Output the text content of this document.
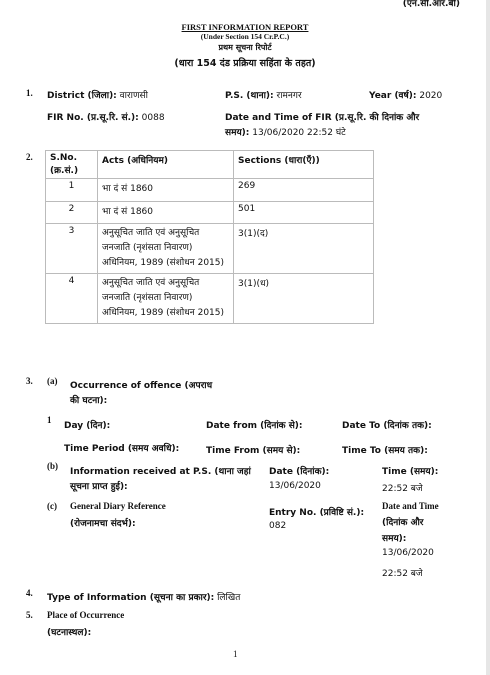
(एन.सी.आर.बी)
FIRST INFORMATION REPORT
(Under Section 154 Cr.P.C.)
प्रथम सूचना रिपोर्ट
(धारा 154 दंड प्रक्रिया सहिंता के तहत)
1. District (जिला): वाराणसी	P.S. (थाना): रामनगर	Year (वर्ष): 2020
FIR No. (प्र.सू.रि. सं.): 0088	Date and Time of FIR (प्र.सू.रि. की दिनांक और
समय): 13/06/2020 22:52 घंटे
2. S.No.
(क्र.सं.)	Acts (अधिनियम)	Sections (धारा(एँ))
1	भा दं सं 1860	269
2	भा दं सं 1860	501
3	अनुसूचित जाति एवं अनुसूचित जनजाति (नृशंसता निवारण) अधिनियम, 1989 (संशोधन 2015)	3(1)(द)
4	अनुसूचित जाति एवं अनुसूचित जनजाति (नृशंसता निवारण) अधिनियम, 1989 (संशोधन 2015)	3(1)(ध)
3. (a) Occurrence of offence (अपराध
की घटना):
1
Day (दिन):	Date from (दिनांक से):	Date To (दिनांक तक):
Time Period (समय अवधि):	Time From (समय से):	Time To (समय तक):
(b)
Information received at P.S. (थाना जहां
सूचना प्राप्त हुई):
Date (दिनांक):
13/06/2020
Time (समय):
22:52 बजे
(c) General Diary Reference
(रोजनामचा संदर्भ):
Entry No. (प्रविष्टि सं.):
082
Date and Time
(दिनांक और
समय):
13/06/2020
22:52 बजे
4. Type of Information (सूचना का प्रकार): लिखित
5. Place of Occurrence
(घटनास्थल):
1
